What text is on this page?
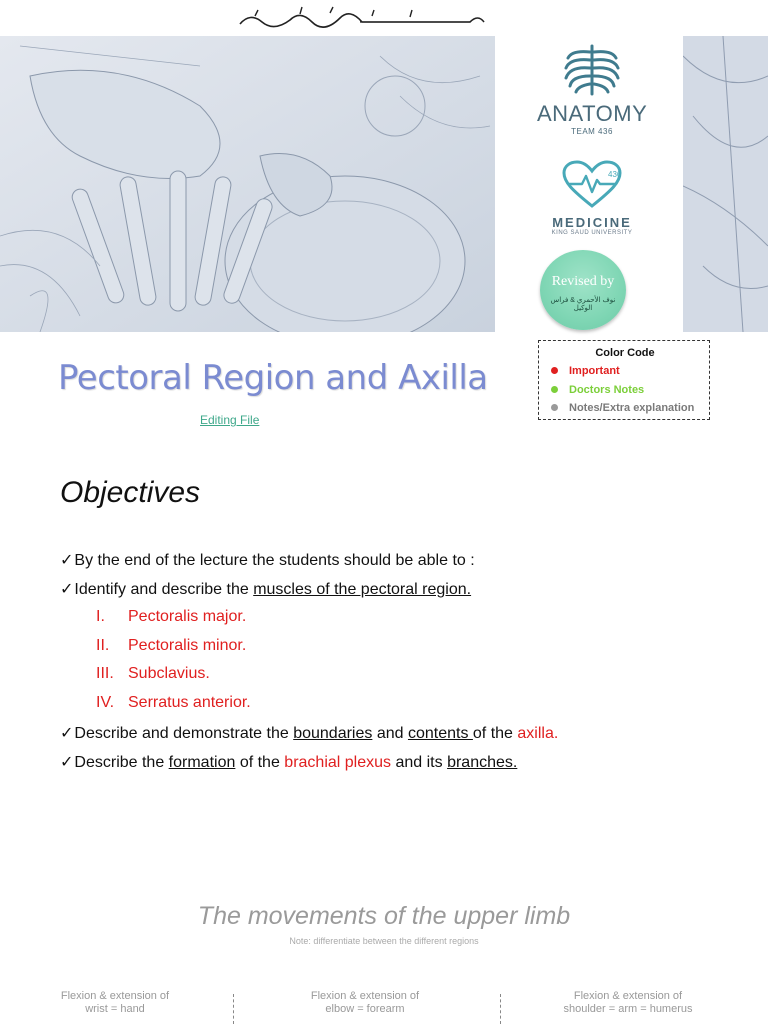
ANATOMY
TEAM 436
436
MEDICINE
KING SAUD UNIVERSITY
Revised by
نوف الأحمري & فراس الوكيل
Color Code
Important
Doctors Notes
Notes/Extra explanation
Pectoral Region and Axilla
Editing File
Objectives
✓By the end of the lecture the students should be able to :
✓Identify and describe the muscles of the pectoral region.
I. Pectoralis major.
II. Pectoralis minor.
III. Subclavius.
IV. Serratus anterior.
✓Describe and demonstrate the boundaries and contents of the axilla.
✓Describe the formation of the brachial plexus and its branches.
The movements of the upper limb
Note: differentiate between the different regions
Flexion & extension of
wrist = hand
Flexion & extension of
elbow = forearm
Flexion & extension of
shoulder = arm = humerus
